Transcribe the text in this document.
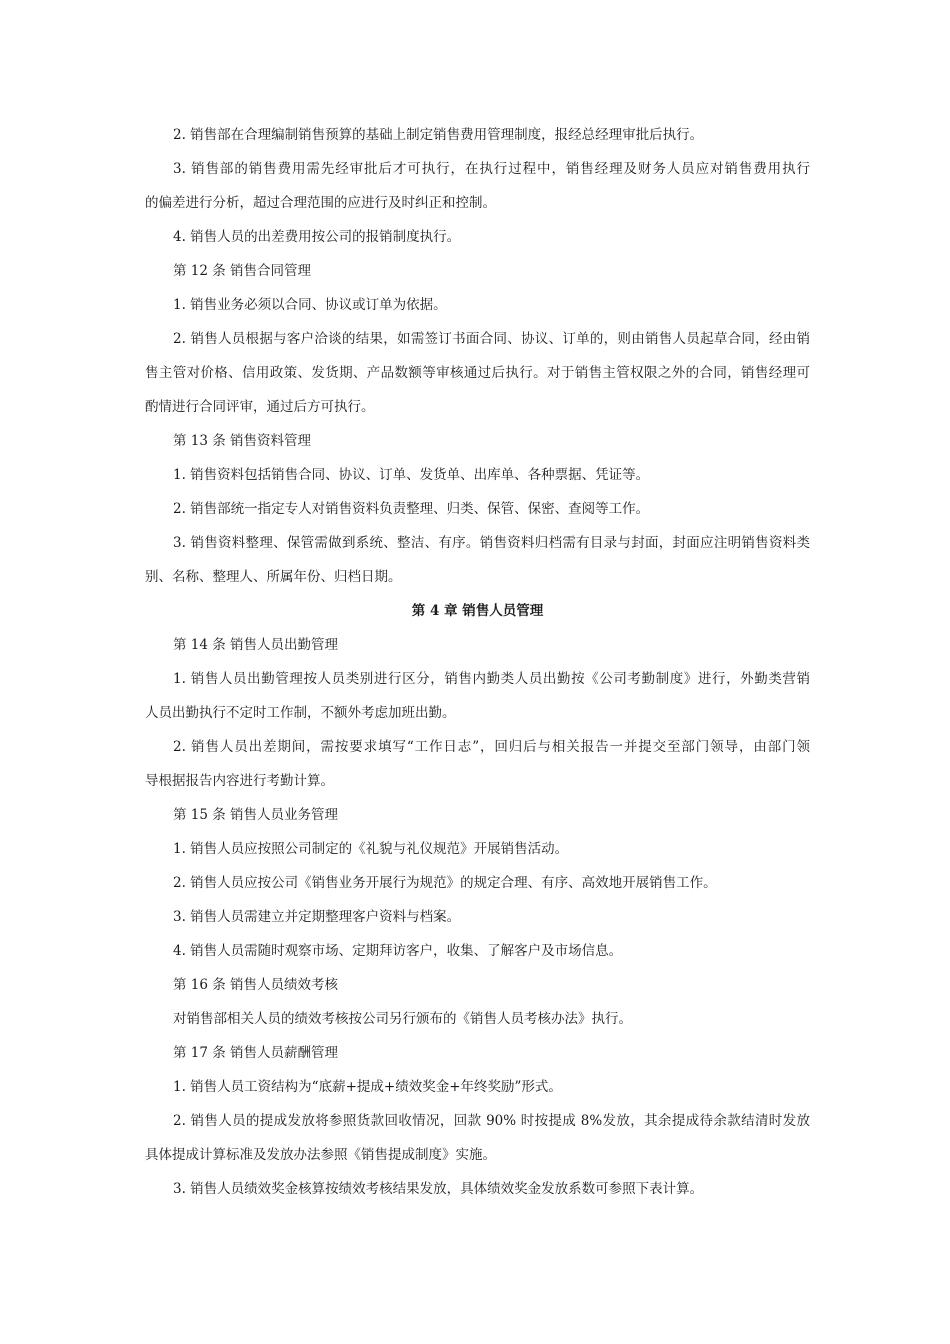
2. 销售部在合理编制销售预算的基础上制定销售费用管理制度，报经总经理审批后执行。

3. 销售部的销售费用需先经审批后才可执行，在执行过程中，销售经理及财务人员应对销售费用执行

的偏差进行分析，超过合理范围的应进行及时纠正和控制。

4. 销售人员的出差费用按公司的报销制度执行。

第 12 条 销售合同管理

1. 销售业务必须以合同、协议或订单为依据。

2. 销售人员根据与客户洽谈的结果，如需签订书面合同、协议、订单的，则由销售人员起草合同，经由销

售主管对价格、信用政策、发货期、产品数额等审核通过后执行。对于销售主管权限之外的合同，销售经理可

酌情进行合同评审，通过后方可执行。

第 13 条 销售资料管理

1. 销售资料包括销售合同、协议、订单、发货单、出库单、各种票据、凭证等。

2. 销售部统一指定专人对销售资料负责整理、归类、保管、保密、查阅等工作。

3. 销售资料整理、保管需做到系统、整洁、有序。销售资料归档需有目录与封面，封面应注明销售资料类

别、名称、整理人、所属年份、归档日期。

第 4 章 销售人员管理

第 14 条 销售人员出勤管理

1. 销售人员出勤管理按人员类别进行区分，销售内勤类人员出勤按《公司考勤制度》进行，外勤类营销

人员出勤执行不定时工作制，不额外考虑加班出勤。

2. 销售人员出差期间，需按要求填写“工作日志”，回归后与相关报告一并提交至部门领导，由部门领

导根据报告内容进行考勤计算。

第 15 条 销售人员业务管理

1. 销售人员应按照公司制定的《礼貌与礼仪规范》开展销售活动。

2. 销售人员应按公司《销售业务开展行为规范》的规定合理、有序、高效地开展销售工作。

3. 销售人员需建立并定期整理客户资料与档案。

4. 销售人员需随时观察市场、定期拜访客户，收集、了解客户及市场信息。

第 16 条 销售人员绩效考核

对销售部相关人员的绩效考核按公司另行颁布的《销售人员考核办法》执行。

第 17 条 销售人员薪酬管理

1. 销售人员工资结构为“底薪+提成+绩效奖金+年终奖励”形式。

2. 销售人员的提成发放将参照货款回收情况，回款 90% 时按提成 8%发放，其余提成待余款结清时发放

具体提成计算标准及发放办法参照《销售提成制度》实施。

3. 销售人员绩效奖金核算按绩效考核结果发放，具体绩效奖金发放系数可参照下表计算。
